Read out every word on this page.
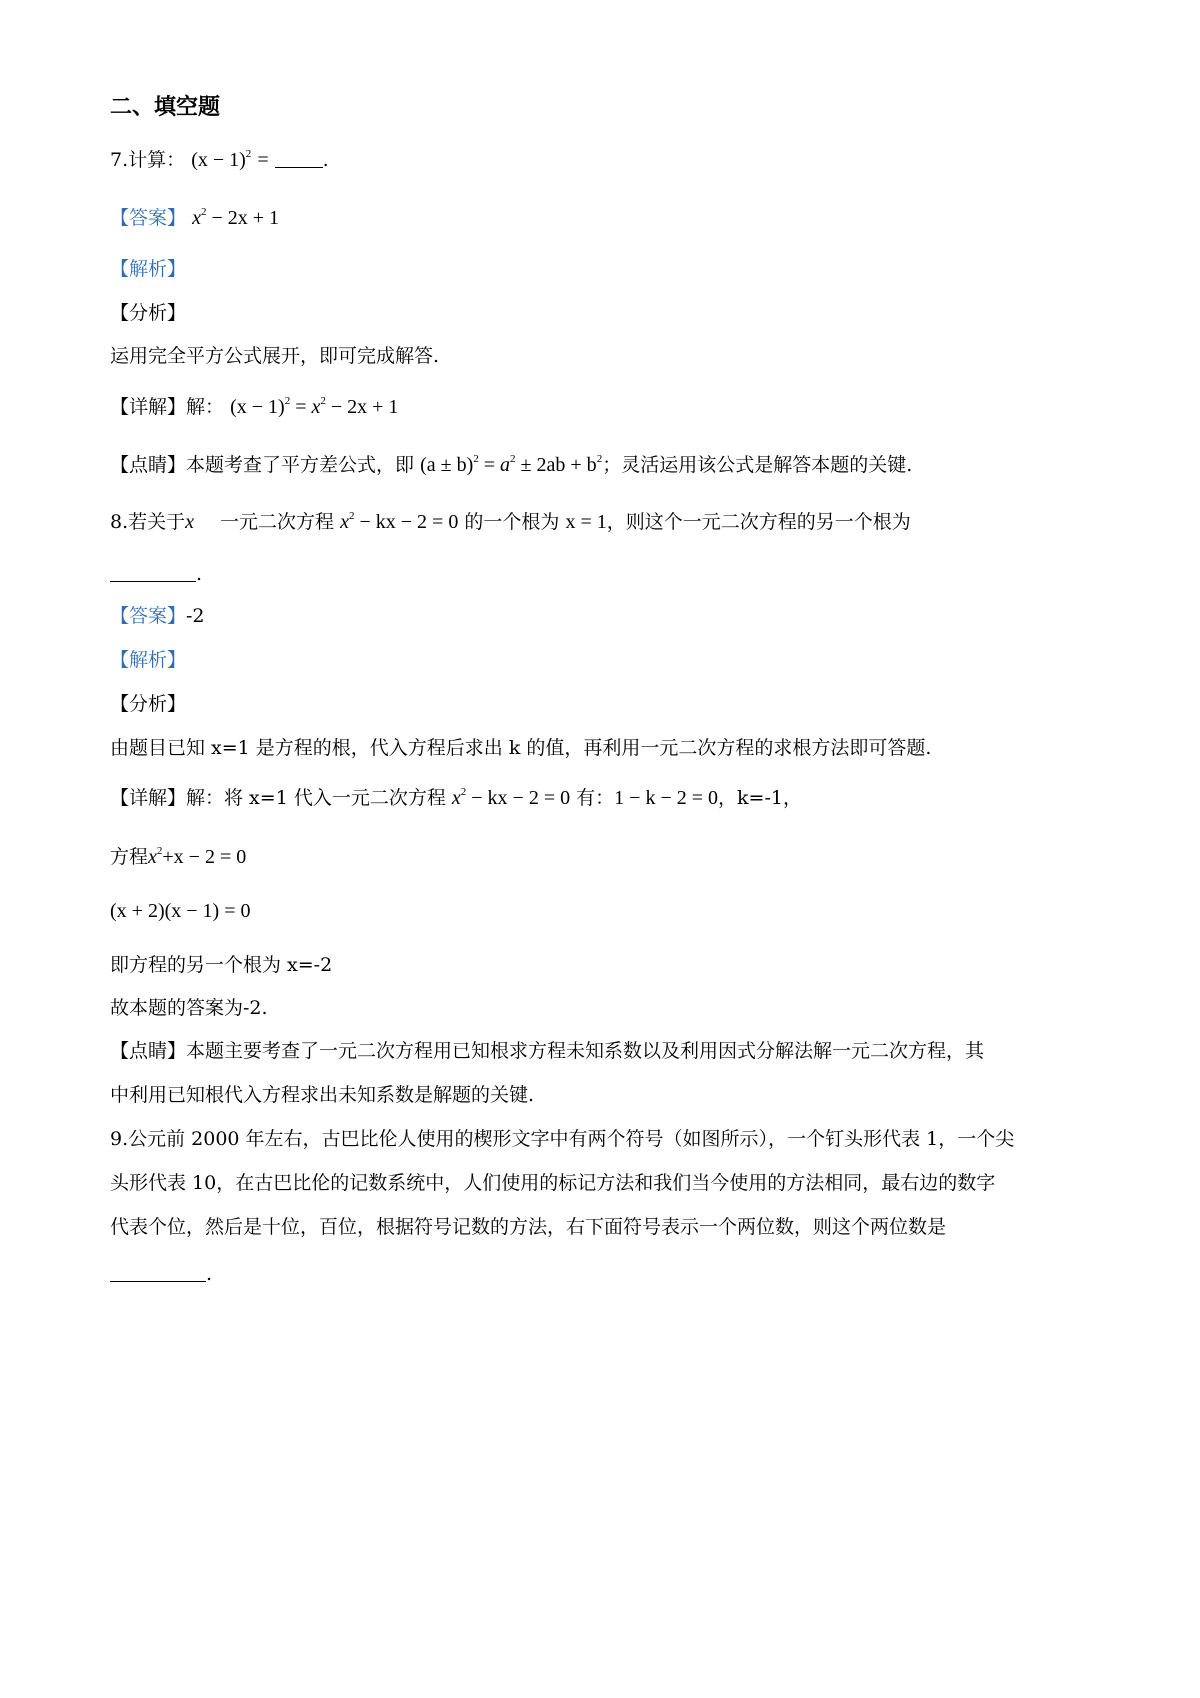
二、填空题
7.计算： $(x - 1)^2$ =	.
【答案】 $x^2 - 2x + 1$
【解析】
【分析】
运用完全平方公式展开，即可完成解答.
【详解】解： $(x - 1)^2 = x^2 - 2x + 1$
【点睛】本题考查了平方差公式，即 $(a \pm b)^2 = a^2 \pm 2ab + b^2$；灵活运用该公式是解答本题的关键.
8.若关于x 一元二次方程 $x^2$ − kx − 2 = 0 的一个根为 x = 1，则这个一元二次方程的另一个根为
.
【答案】-2
【解析】
【分析】
由题目已知 x=1 是方程的根，代入方程后求出 k 的值，再利用一元二次方程的求根方法即可答题.
【详解】解：将 x=1 代入一元二次方程 $x^2$ − kx − 2 = 0 有：1 − k − 2 = 0，k=-1，
方程$x^2+x - 2 = 0$
(x + 2)(x − 1) = 0
即方程的另一个根为 x=-2
故本题的答案为-2.
【点睛】本题主要考查了一元二次方程用已知根求方程未知系数以及利用因式分解法解一元二次方程，其
中利用已知根代入方程求出未知系数是解题的关键.
9.公元前 2000 年左右，古巴比伦人使用的楔形文字中有两个符号（如图所示），一个钉头形代表 1，一个尖
头形代表 10，在古巴比伦的记数系统中，人们使用的标记方法和我们当今使用的方法相同，最右边的数字
代表个位，然后是十位，百位，根据符号记数的方法，右下面符号表示一个两位数，则这个两位数是
.
